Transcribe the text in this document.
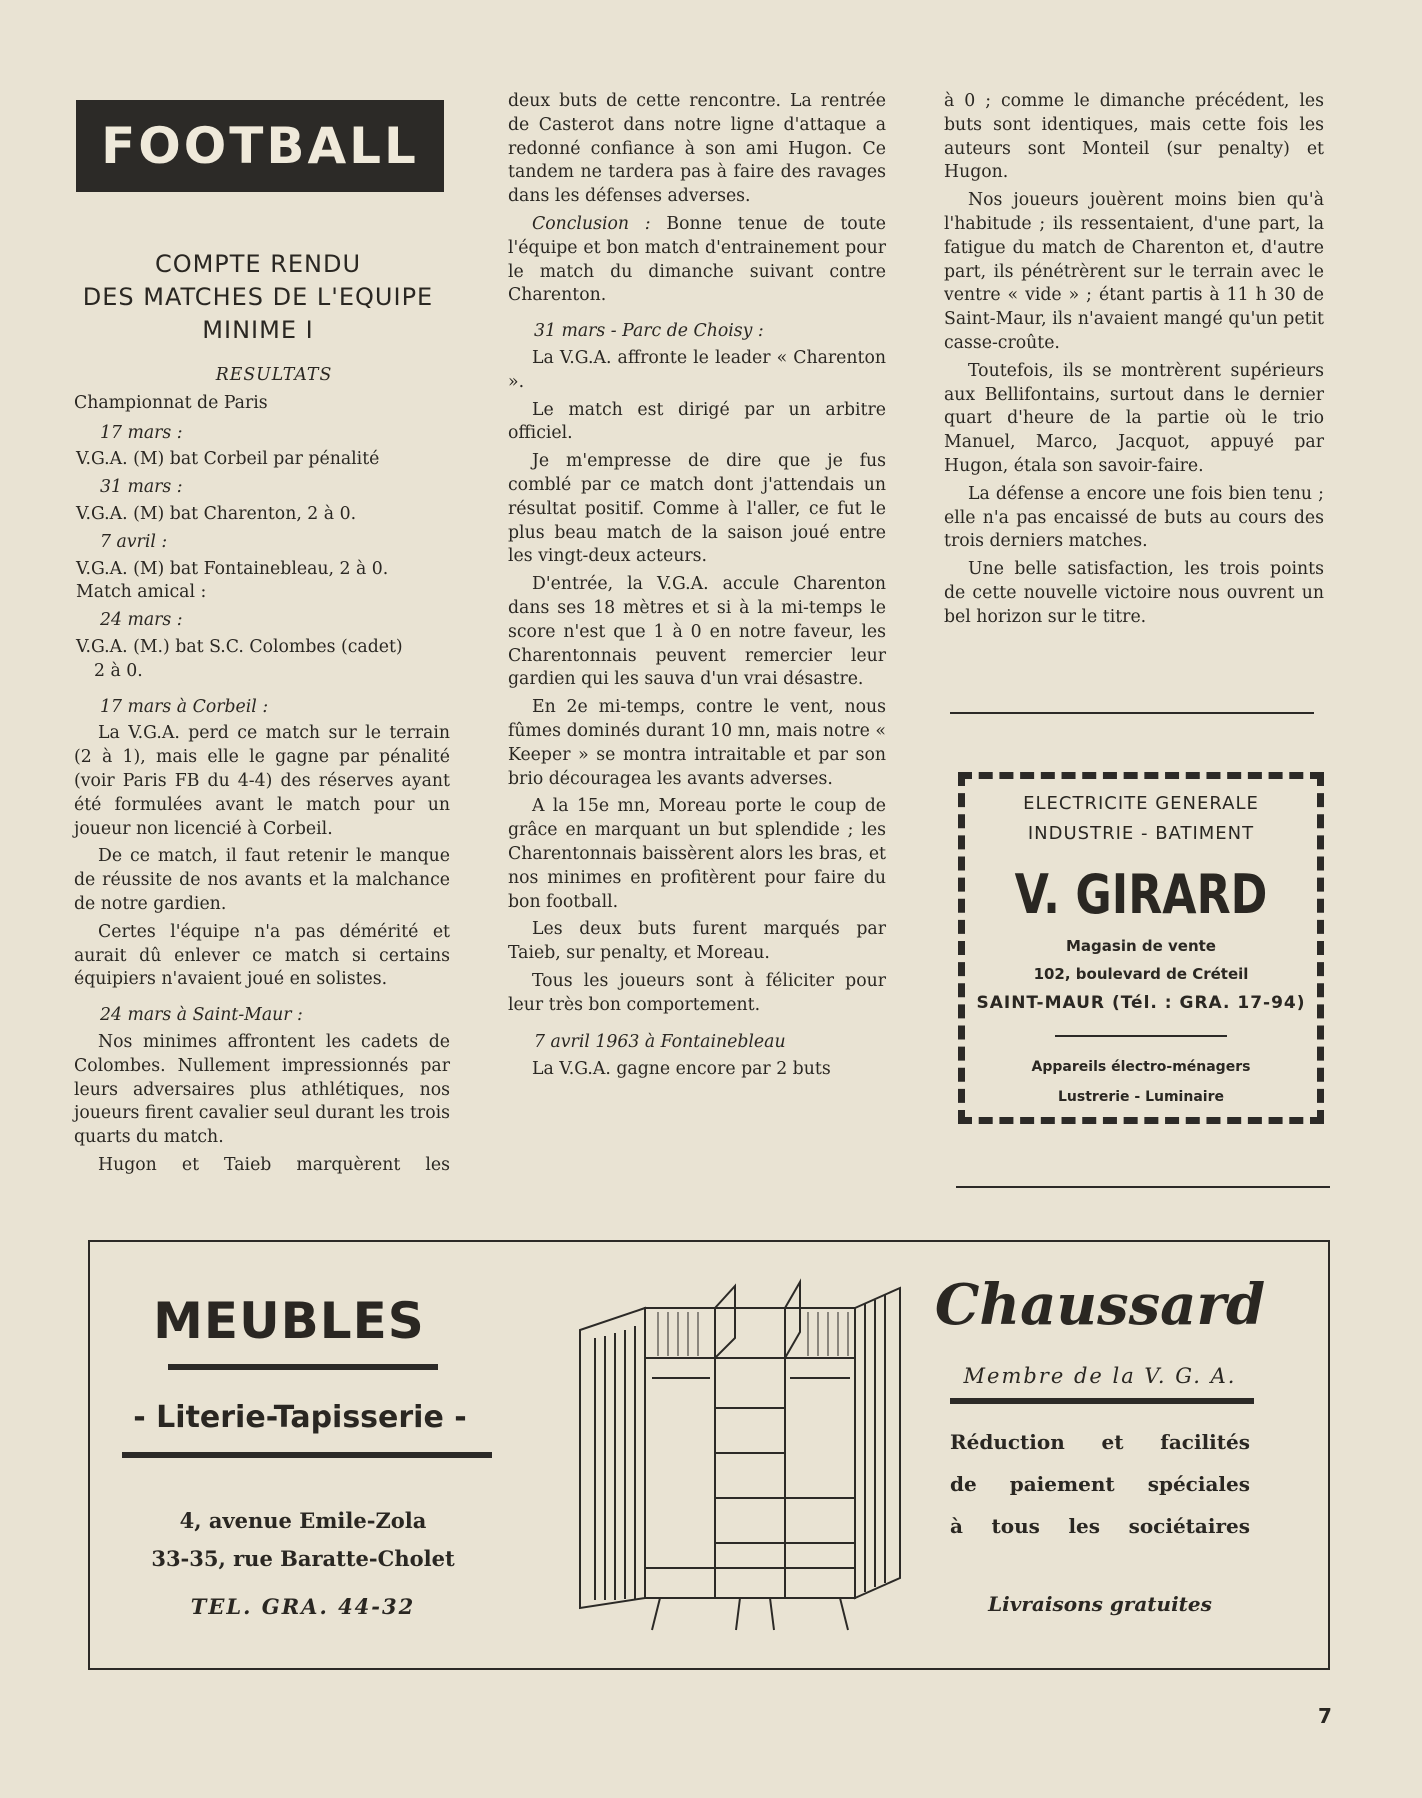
FOOTBALL
COMPTE RENDU
DES MATCHES DE L'EQUIPE
MINIME I

RESULTATS

Championnat de Paris

17 mars :

V.G.A. (M) bat Corbeil par pénalité

31 mars :

V.G.A. (M) bat Charenton, 2 à 0.

7 avril :

V.G.A. (M) bat Fontainebleau, 2 à 0.

Match amical :

24 mars :

V.G.A. (M.) bat S.C. Colombes (cadet)

2 à 0.

17 mars à Corbeil :

La V.G.A. perd ce match sur le terrain (2 à 1), mais elle le gagne par pénalité (voir Paris FB du 4-4) des réserves ayant été formulées avant le match pour un joueur non licencié à Corbeil.

De ce match, il faut retenir le manque de réussite de nos avants et la malchance de notre gardien.

Certes l'équipe n'a pas démérité et aurait dû enlever ce match si certains équipiers n'avaient joué en solistes.

24 mars à Saint-Maur :

Nos minimes affrontent les cadets de Colombes. Nullement impressionnés par leurs adversaires plus athlétiques, nos joueurs firent cavalier seul durant les trois quarts du match.

Hugon et Taieb marquèrent les

deux buts de cette rencontre. La rentrée de Casterot dans notre ligne d'attaque a redonné confiance à son ami Hugon. Ce tandem ne tardera pas à faire des ravages dans les défenses adverses.

Conclusion : Bonne tenue de toute l'équipe et bon match d'entrainement pour le match du dimanche suivant contre Charenton.

31 mars - Parc de Choisy :

La V.G.A. affronte le leader « Charenton ».

Le match est dirigé par un arbitre officiel.

Je m'empresse de dire que je fus comblé par ce match dont j'attendais un résultat positif. Comme à l'aller, ce fut le plus beau match de la saison joué entre les vingt-deux acteurs.

D'entrée, la V.G.A. accule Charenton dans ses 18 mètres et si à la mi-temps le score n'est que 1 à 0 en notre faveur, les Charentonnais peuvent remercier leur gardien qui les sauva d'un vrai désastre.

En 2e mi-temps, contre le vent, nous fûmes dominés durant 10 mn, mais notre « Keeper » se montra intraitable et par son brio découragea les avants adverses.

A la 15e mn, Moreau porte le coup de grâce en marquant un but splendide ; les Charentonnais baissèrent alors les bras, et nos minimes en profitèrent pour faire du bon football.

Les deux buts furent marqués par Taieb, sur penalty, et Moreau.

Tous les joueurs sont à féliciter pour leur très bon comportement.

7 avril 1963 à Fontainebleau

La V.G.A. gagne encore par 2 buts

à 0 ; comme le dimanche précédent, les buts sont identiques, mais cette fois les auteurs sont Monteil (sur penalty) et Hugon.

Nos joueurs jouèrent moins bien qu'à l'habitude ; ils ressentaient, d'une part, la fatigue du match de Charenton et, d'autre part, ils pénétrèrent sur le terrain avec le ventre « vide » ; étant partis à 11 h 30 de Saint-Maur, ils n'avaient mangé qu'un petit casse-croûte.

Toutefois, ils se montrèrent supérieurs aux Bellifontains, surtout dans le dernier quart d'heure de la partie où le trio Manuel, Marco, Jacquot, appuyé par Hugon, étala son savoir-faire.

La défense a encore une fois bien tenu ; elle n'a pas encaissé de buts au cours des trois derniers matches.

Une belle satisfaction, les trois points de cette nouvelle victoire nous ouvrent un bel horizon sur le titre.

ELECTRICITE GENERALE
INDUSTRIE - BATIMENT
V. GIRARD
Magasin de vente
102, boulevard de Créteil
SAINT-MAUR (Tél. : GRA. 17-94)
Appareils électro-ménagers
Lustrerie - Luminaire
MEUBLES
- Literie-Tapisserie -
4, avenue Emile-Zola
33-35, rue Baratte-Cholet
TEL. GRA. 44-32
Chaussard
Membre de la V. G. A.
Réduction et facilités
de paiement spéciales
à tous les sociétaires
Livraisons gratuites
7
